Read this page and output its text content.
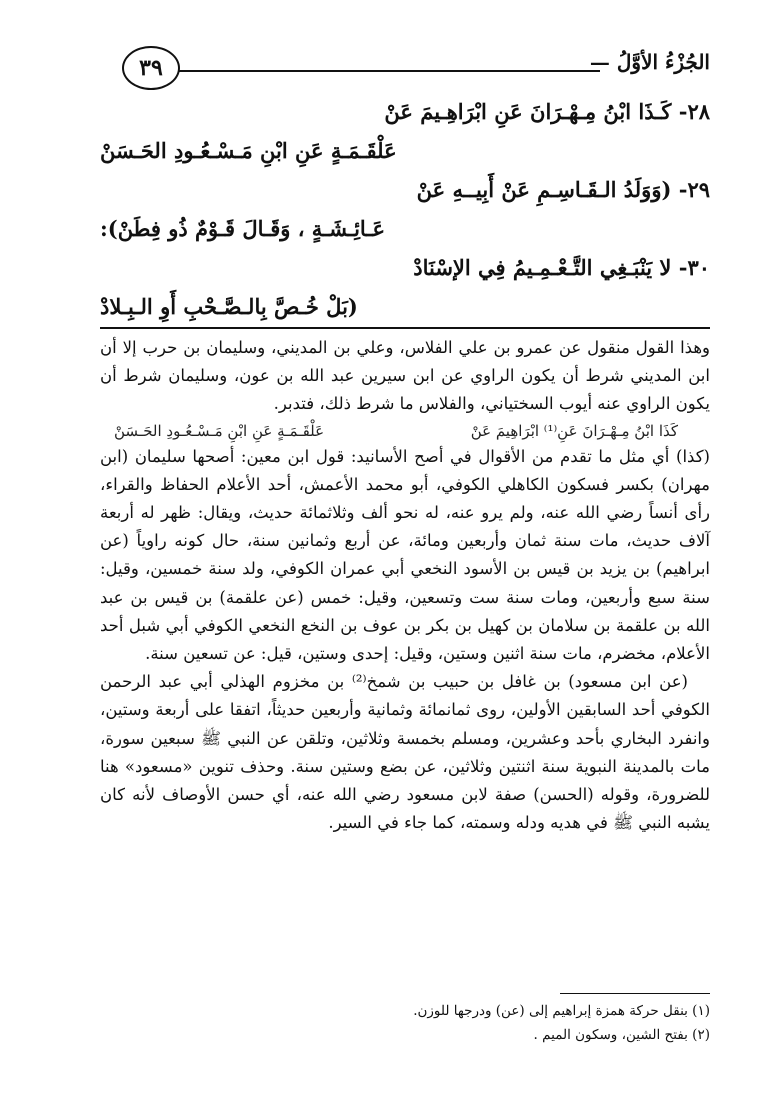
٣٩	الجُزْءُ الأوَّلُ —
٢٨- كَـذَا ابْنُ مِـهْـرَانَ عَنِ ابْرَاهِـيمَ عَنْ
عَلْقَـمَـةٍ عَنِ ابْنِ مَـسْـعُـودِ الحَـسَنْ
٢٩- (وَوَلَدُ الـقَـاسِـمِ عَنْ أَبِيــهِ عَنْ
عَـائِـشَـةٍ ، وَقَـالَ قَـوْمٌ ذُو فِطَنْ):
٣٠- لا يَنْبَـغِي التَّـعْـمِـيمُ فِي الإسْنَادْ
(بَلْ خُـصَّ بِالـصَّـحْبِ أَوِ الـبِـلادْ

وهذا القول منقول عن عمرو بن علي الفلاس، وعلي بن المديني، وسليمان بن حرب إلا أن ابن المديني شرط أن يكون الراوي عن ابن سيرين عبد الله بن عون، وسليمان شرط أن يكون الراوي عنه أيوب السختياني، والفلاس ما شرط ذلك، فتدبر.

كَذَا ابْنُ مِـهْـرَانَ عَنِ⁽¹⁾ ابْرَاهِيمَ عَنْ
عَلْقَـمَـةٍ عَنِ ابْنِ مَـسْـعُـودِ الحَـسَنْ

(كذا) أي مثل ما تقدم من الأقوال في أصح الأسانيد: قول ابن معين: أصحها سليمان (ابن مهران) بكسر فسكون الكاهلي الكوفي، أبو محمد الأعمش، أحد الأعلام الحفاظ والقراء، رأى أنساً رضي الله عنه، ولم يرو عنه، له نحو ألف وثلاثمائة حديث، ويقال: ظهر له أربعة آلاف حديث، مات سنة ثمان وأربعين ومائة، عن أربع وثمانين سنة، حال كونه راوياً (عن ابراهيم) بن يزيد بن قيس بن الأسود النخعي أبي عمران الكوفي، ولد سنة خمسين، وقيل: سنة سبع وأربعين، ومات سنة ست وتسعين، وقيل: خمس (عن علقمة) بن قيس بن عبد الله بن علقمة بن سلامان بن كهيل بن بكر بن عوف بن النخع النخعي الكوفي أبي شبل أحد الأعلام، مخضرم، مات سنة اثنين وستين، وقيل: إحدى وستين، قيل: عن تسعين سنة.

(عن ابن مسعود) بن غافل بن حبيب بن شمخ⁽²⁾ بن مخزوم الهذلي أبي عبد الرحمن الكوفي أحد السابقين الأولين، روى ثمانمائة وثمانية وأربعين حديثاً، اتفقا على أربعة وستين، وانفرد البخاري بأحد وعشرين، ومسلم بخمسة وثلاثين، وتلقن عن النبي ﷺ سبعين سورة، مات بالمدينة النبوية سنة اثنتين وثلاثين، عن بضع وستين سنة. وحذف تنوين «مسعود» هنا للضرورة، وقوله (الحسن) صفة لابن مسعود رضي الله عنه، أي حسن الأوصاف لأنه كان يشبه النبي ﷺ في هديه ودله وسمته، كما جاء في السير.

(١) بنقل حركة همزة إبراهيم إلى (عن) ودرجها للوزن.

(٢) بفتح الشين، وسكون الميم .
